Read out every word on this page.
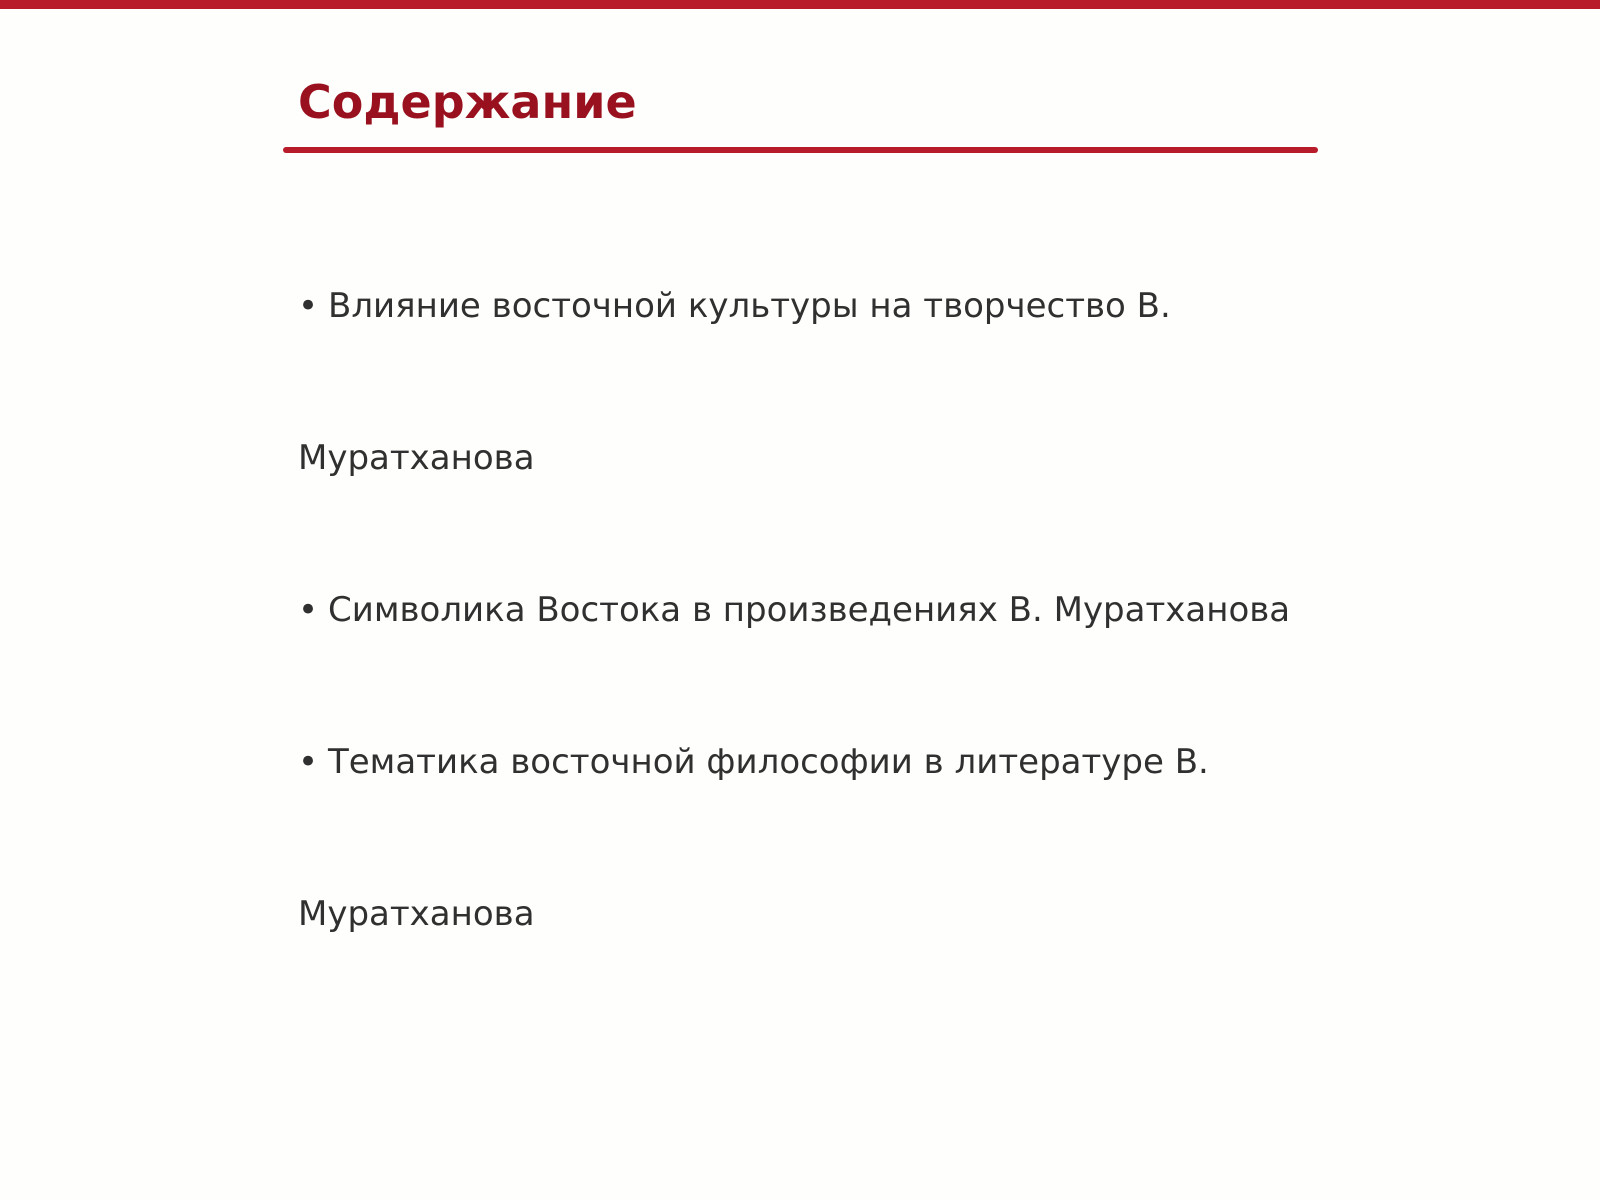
Содержание

• Влияние восточной культуры на творчество В.

Муратханова

• Символика Востока в произведениях В. Муратханова

• Тематика восточной философии в литературе В.

Муратханова
